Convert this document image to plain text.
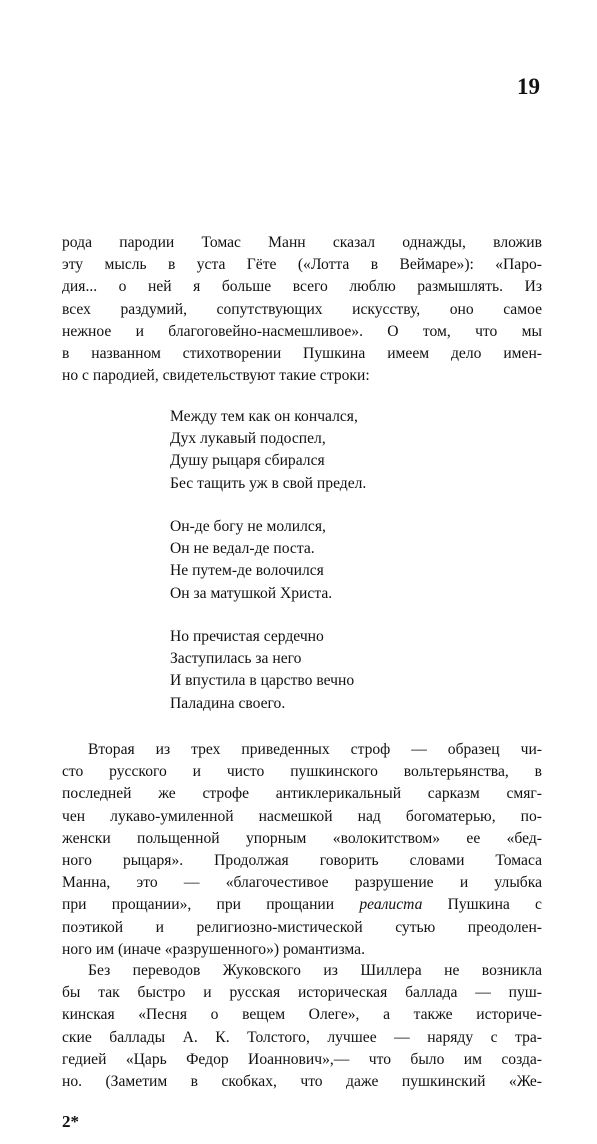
19
рода пародии Томас Манн сказал однажды, вложив
эту мысль в уста Гёте («Лотта в Веймаре»): «Паро-
дия... о ней я больше всего люблю размышлять. Из
всех раздумий, сопутствующих искусству, оно самое
нежное и благоговейно-насмешливое». О том, что мы
в названном стихотворении Пушкина имеем дело имен-
но с пародией, свидетельствуют такие строки:
Между тем как он кончался,
Дух лукавый подоспел,
Душу рыцаря сбирался
Бес тащить уж в свой предел.
Он-де богу не молился,
Он не ведал-де поста.
Не путем-де волочился
Он за матушкой Христа.
Но пречистая сердечно
Заступилась за него
И впустила в царство вечно
Паладина своего.
Вторая из трех приведенных строф — образец чи-
сто русского и чисто пушкинского вольтерьянства, в
последней же строфе антиклерикальный сарказм смяг-
чен лукаво-умиленной насмешкой над богоматерью, по-
женски польщенной упорным «волокитством» ее «бед-
ного рыцаря». Продолжая говорить словами Томаса
Манна, это — «благочестивое разрушение и улыбка
при прощании», при прощании реалиста Пушкина с
поэтикой и религиозно-мистической сутью преодолен-
ного им (иначе «разрушенного») романтизма.
Без переводов Жуковского из Шиллера не возникла
бы так быстро и русская историческая баллада — пуш-
кинская «Песня о вещем Олеге», а также историче-
ские баллады А. К. Толстого, лучшее — наряду с тра-
гедией «Царь Федор Иоаннович»,— что было им создa-
но. (Заметим в скобках, что даже пушкинский «Же-
2*
